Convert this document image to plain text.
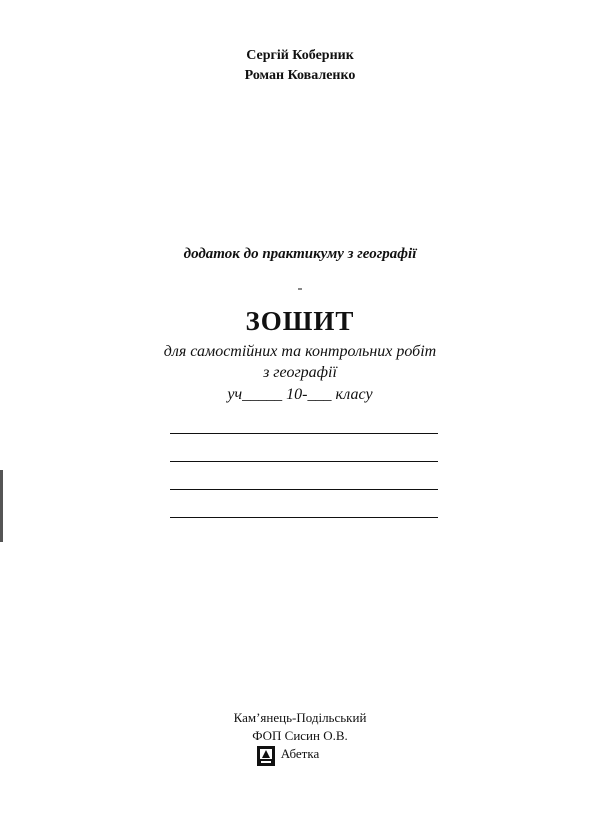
Сергій Коберник
Роман Коваленко
додаток до практикуму з географії
ЗОШИТ
для самостійних та контрольних робіт
з географії
уч_____ 10-___ класу
Кам’янець-Подільський
ФОП Сисин О.В.
Абетка
